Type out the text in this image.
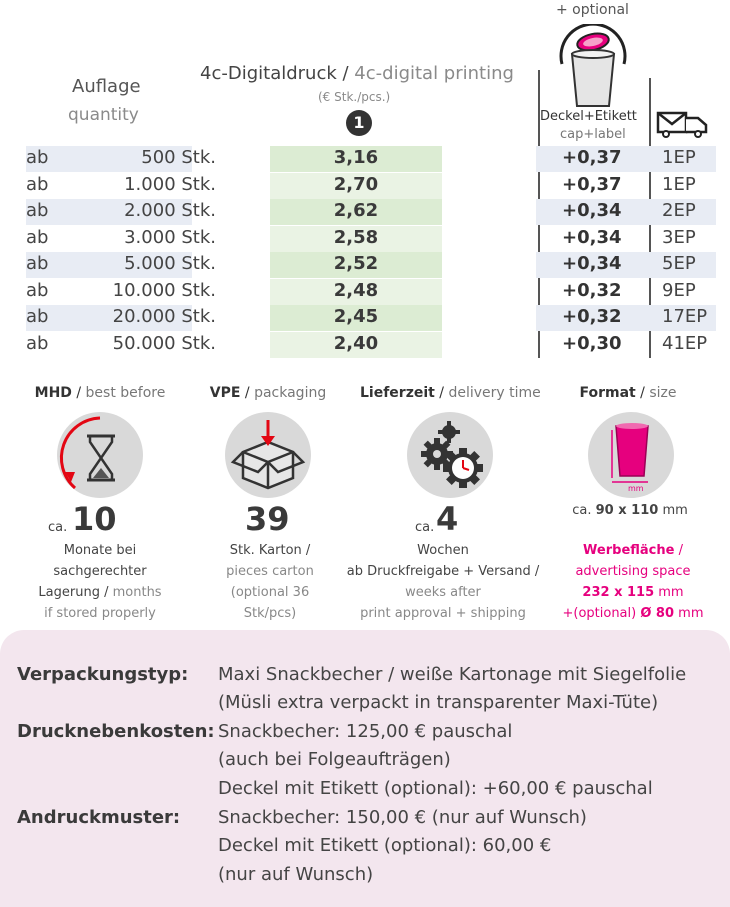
Auflage
quantity
4c-Digitaldruck / 4c-digital printing
(€ Stk./pcs.)
1
+ optional
Deckel+Etikett
cap+label
ab	500 Stk.	3,16	+0,37 1EP
ab	1.000 Stk.	2,70	+0,37 1EP
ab	2.000 Stk.	2,62	+0,34 2EP
ab	3.000 Stk.	2,58	+0,34 3EP
ab	5.000 Stk.	2,52	+0,34 5EP
ab	10.000 Stk.	2,48	+0,32 9EP
ab	20.000 Stk.	2,45	+0,32 17EP
ab	50.000 Stk.	2,40	+0,30 41EP
MHD / best before
ca. 10
Monate bei
sachgerechter
Lagerung / months
if stored properly
VPE / packaging
39
Stk. Karton /
pieces carton
(optional 36
Stk/pcs)
Lieferzeit / delivery time
ca. 4
Wochen
ab Druckfreigabe + Versand /
weeks after
print approval + shipping
Format / size
mm
ca. 90 x 110 mm
Werbefläche /
advertising space
232 x 115 mm
+(optional) Ø 80 mm
Verpackungstyp: Maxi Snackbecher / weiße Kartonage mit Siegelfolie
(Müsli extra verpackt in transparenter Maxi-Tüte)
Drucknebenkosten: Snackbecher: 125,00 € pauschal
(auch bei Folgeaufträgen)
Deckel mit Etikett (optional): +60,00 € pauschal
Andruckmuster: Snackbecher: 150,00 € (nur auf Wunsch)
Deckel mit Etikett (optional): 60,00 €
(nur auf Wunsch)
